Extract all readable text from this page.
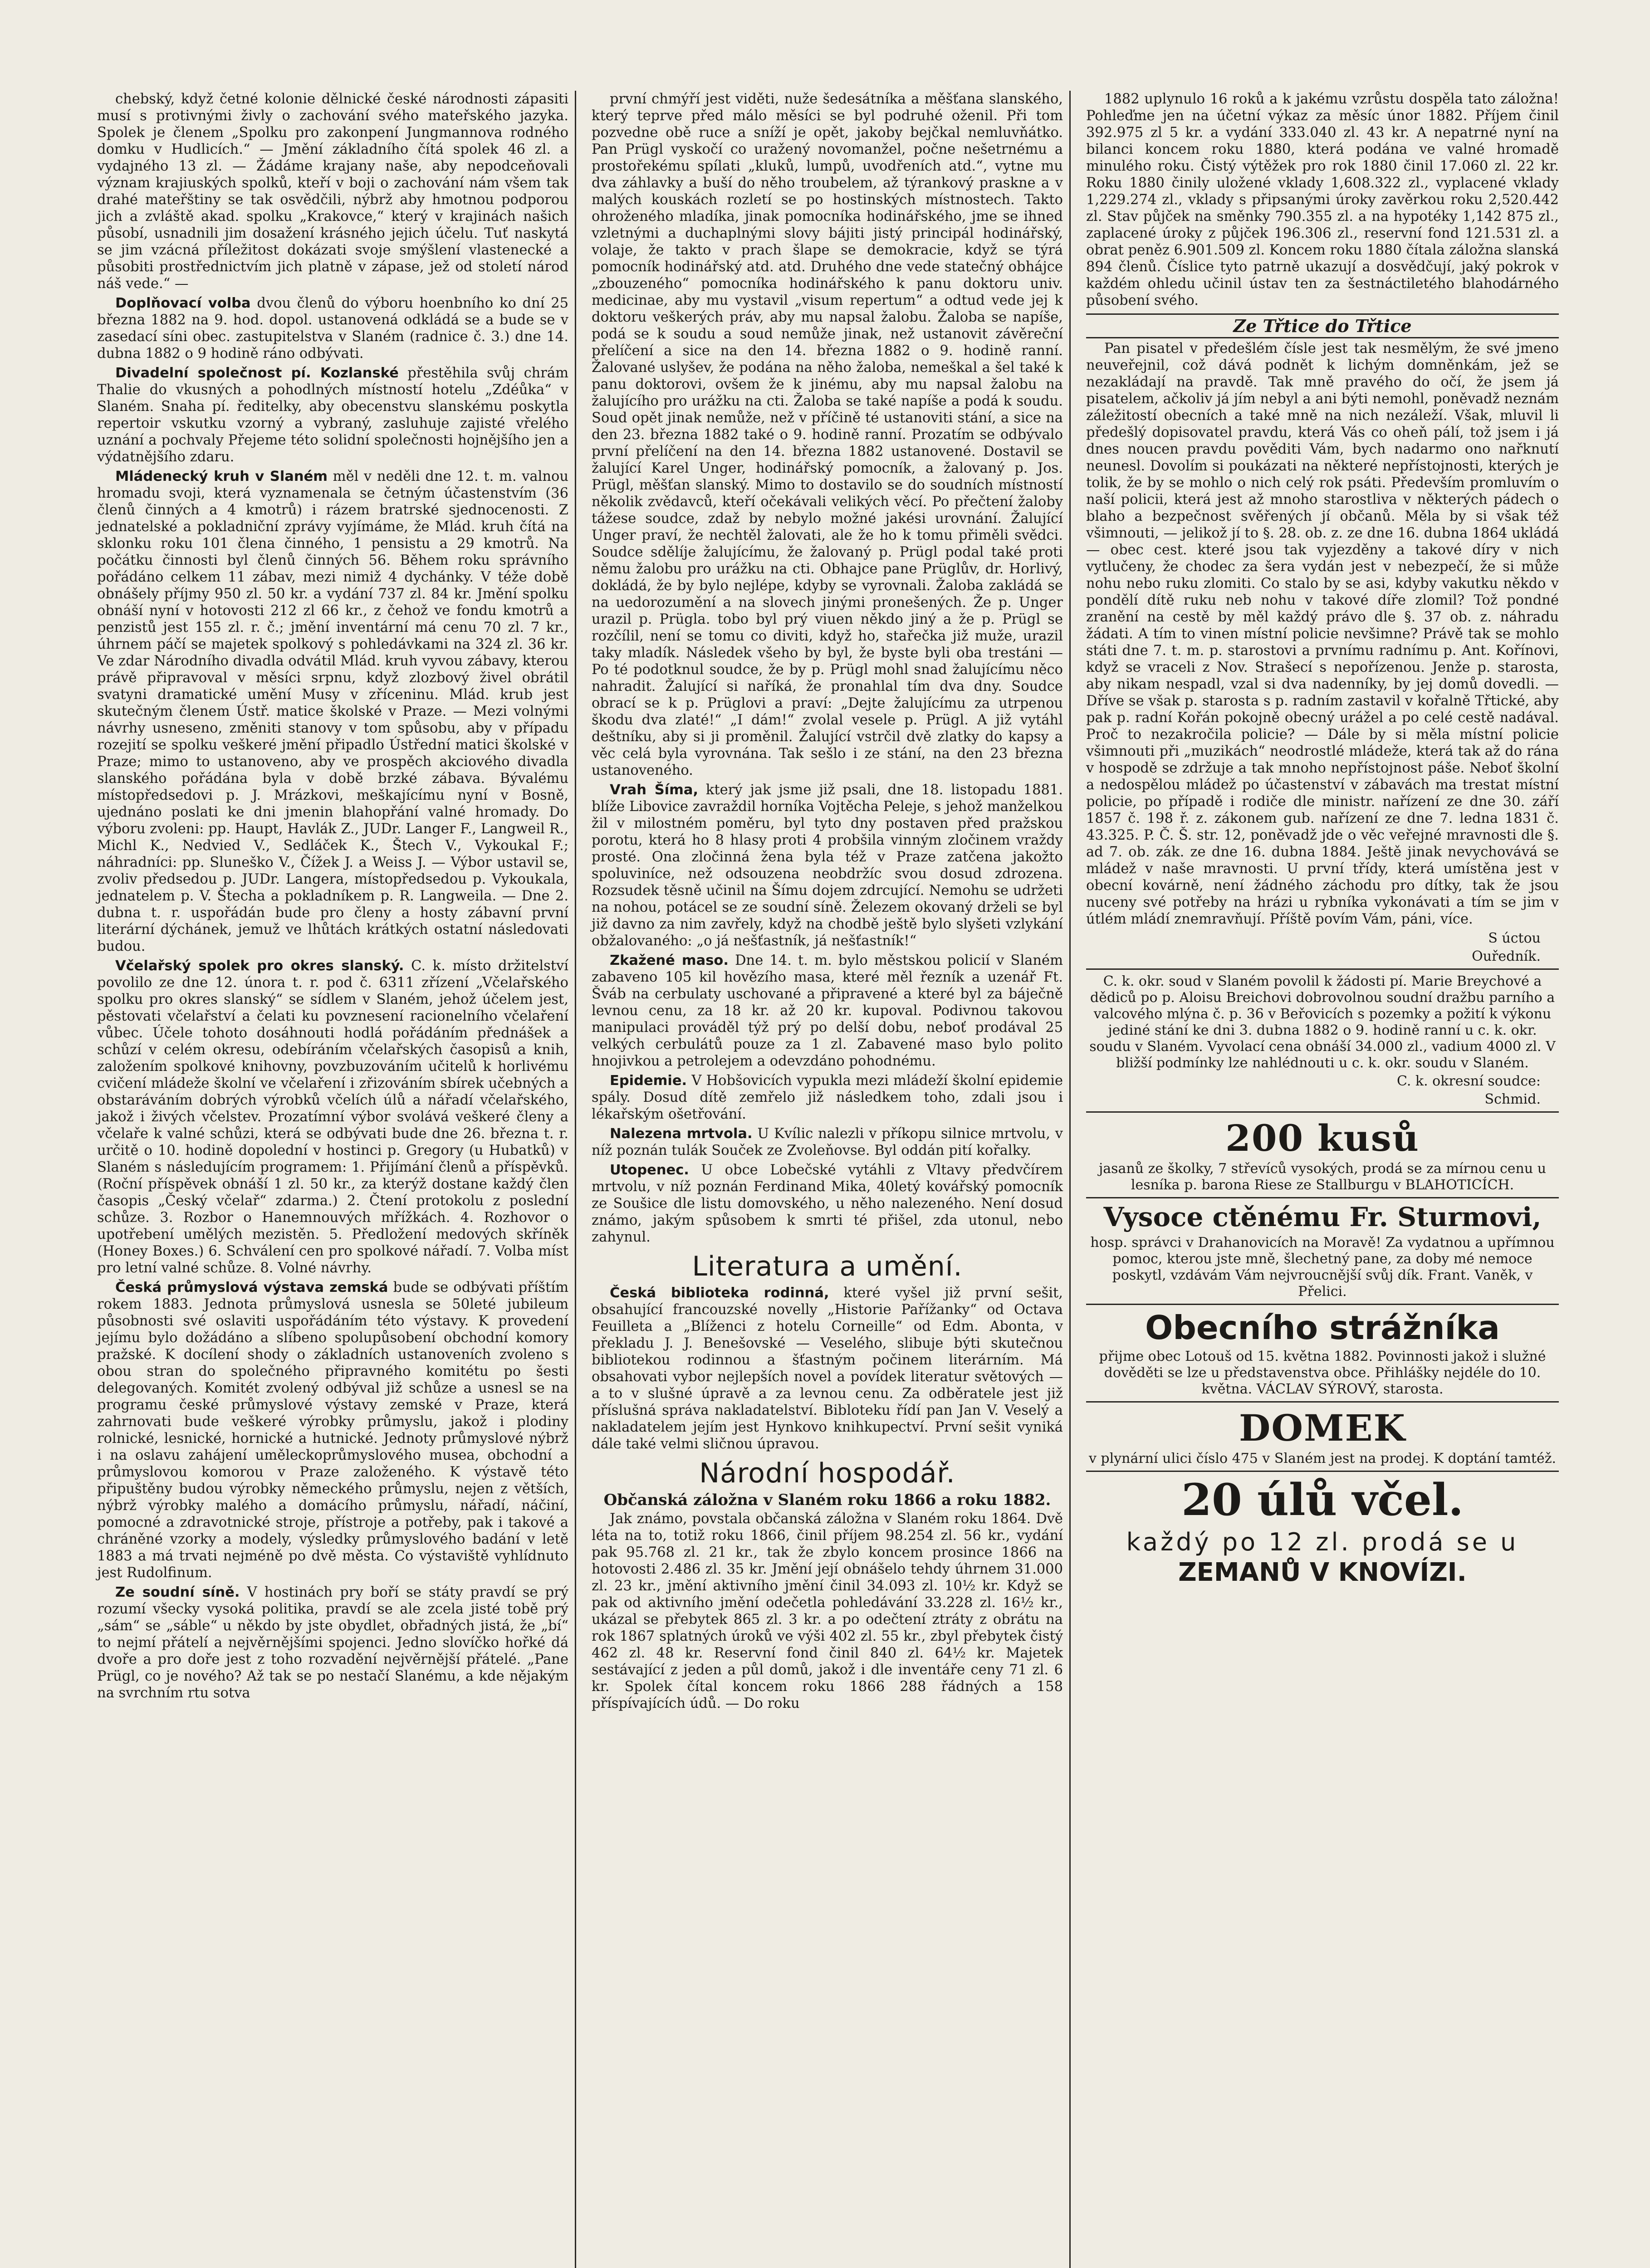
chebský, když četné kolonie dělnické české národnosti zápasiti musí s protivnými živly o zachování svého mateřského jazyka. Spolek je členem „Spolku pro zakonpení Jungmannova rodného domku v Hudlicích.“ — Jmění základního čítá spolek 46 zl. a vydajného 13 zl. — Žádáme krajany naše, aby nepodceňovali význam krajiuských spolků, kteří v boji o zachování nám všem tak drahé mateřštiny se tak osvědčili, nýbrž aby hmotnou podporou jich a zvláště akad. spolku „Krakovce,“ který v krajinách našich působí, usnadnili jim dosažení krásného jejich účelu. Tuť naskytá se jim vzácná příležitost dokázati svoje smýšlení vlastenecké a působiti prostřednictvím jich platně v zápase, jež od století národ náš vede.“ —

Doplňovací volba dvou členů do výboru hoenbního ko dní 25 března 1882 na 9. hod. dopol. ustanovená odkládá se a bude se v zasedací síni obec. zastupitelstva v Slaném (radnice č. 3.) dne 14. dubna 1882 o 9 hodině ráno odbývati.

Divadelní společnost pí. Kozlanské přestěhila svůj chrám Thalie do vkusných a pohodlných místností hotelu „Zdéůka“ v Slaném. Snaha pí. ředitelky, aby obecenstvu slanskému poskytla repertoir vskutku vzorný a vybraný, zasluhuje zajisté vřelého uznání a pochvaly Přejeme této solidní společnosti hojnějšího jen a výdatnějšího zdaru.

Mládenecký kruh v Slaném měl v neděli dne 12. t. m. valnou hromadu svoji, která vyznamenala se četným účastenstvím (36 členů činných a 4 kmotrů) i rázem bratrské sjednocenosti. Z jednatelské a pokladniční zprávy vyjímáme, že Mlád. kruh čítá na sklonku roku 101 člena činného, 1 pensistu a 29 kmotrů. Na počátku činnosti byl členů činných 56. Během roku správního pořádáno celkem 11 zábav, mezi nimiž 4 dychánky. V téže době obnášely příjmy 950 zl. 50 kr. a vydání 737 zl. 84 kr. Jmění spolku obnáší nyní v hotovosti 212 zl 66 kr., z čehož ve fondu kmotrů a penzistů jest 155 zl. r. č.; jmění inventární má cenu 70 zl. 7 kr., úhrnem páčí se majetek spolkový s pohledávkami na 324 zl. 36 kr. Ve zdar Národního divadla odvátil Mlád. kruh vyvou zábavy, kterou právě připravoval v měsíci srpnu, když zlozbový živel obrátil svatyni dramatické umění Musy v zříceninu. Mlád. krub jest skutečným členem Ústř. matice školské v Praze. — Mezi volnými návrhy usneseno, změniti stanovy v tom spůsobu, aby v případu rozejití se spolku veškeré jmění připadlo Ústřední matici školské v Praze; mimo to ustanoveno, aby ve prospěch akciového divadla slanského pořádána byla v době brzké zábava. Bývalému místopředsedovi p. J. Mrázkovi, meškajícímu nyní v Bosně, ujednáno poslati ke dni jmenin blahopřání valné hromady. Do výboru zvoleni: pp. Haupt, Havlák Z., JUDr. Langer F., Langweil R., Michl K., Nedvied V., Sedláček K., Štech V., Vykoukal F.; náhradníci: pp. Sluneško V., Čížek J. a Weiss J. — Výbor ustavil se, zvoliv předsedou p. JUDr. Langera, místopředsedou p. Vykoukala, jednatelem p. V. Štecha a pokladníkem p. R. Langweila. — Dne 2. dubna t. r. uspořádán bude pro členy a hosty zábavní první literární dýchánek, jemuž ve lhůtách krátkých ostatní následovati budou.

Včelařský spolek pro okres slanský. C. k. místo držitelství povolilo ze dne 12. února t. r. pod č. 6311 zřízení „Včelařského spolku pro okres slanský“ se sídlem v Slaném, jehož účelem jest, pěstovati včelařství a čelati ku povznesení racionelního včelaření vůbec. Účele tohoto dosáhnouti hodlá pořádáním přednášek a schůzí v celém okresu, odebíráním včelařských časopisů a knih, založením spolkové knihovny, povzbuzováním učitelů k horlivému cvičení mládeže školní ve včelaření i zřizováním sbírek učebných a obstaráváním dobrých výrobků včelích úlů a nářadí včelařského, jakož i živých včelstev. Prozatímní výbor svolává veškeré členy a včelaře k valné schůzi, která se odbývati bude dne 26. března t. r. určitě o 10. hodině dopolední v hostinci p. Gregory (u Hubatků) v Slaném s následujícím programem: 1. Přijímání členů a příspěvků. (Roční příspěvek obnáší 1 zl. 50 kr., za kterýž dostane každý člen časopis „Český včelař“ zdarma.) 2. Čtení protokolu z poslední schůze. 3. Rozbor o Hanemnouvých mřížkách. 4. Rozhovor o upotřebení umělých mezistěn. 5. Předložení medových skříněk (Honey Boxes.) 6. Schválení cen pro spolkové nářadí. 7. Volba míst pro letní valné schůze. 8. Volné návrhy.

Česká průmyslová výstava zemská bude se odbývati příštím rokem 1883. Jednota průmyslová usnesla se 50leté jubileum působnosti své oslaviti uspořádáním této výstavy. K provedení jejímu bylo dožádáno a slíbeno spolupůsobení obchodní komory pražské. K docílení shody o základních ustanoveních zvoleno s obou stran do společného připravného komitétu po šesti delegovaných. Komitét zvolený odbýval již schůze a usnesl se na programu české průmyslové výstavy zemské v Praze, která zahrnovati bude veškeré výrobky průmyslu, jakož i plodiny rolnické, lesnické, hornické a hutnické. Jednoty průmyslové nýbrž i na oslavu zahájení uměleckoprůmyslového musea, obchodní a průmyslovou komorou v Praze založeného. K výstavě této připuštěny budou výrobky německého průmyslu, nejen z větších, nýbrž výrobky malého a domácího průmyslu, nářadí, náčiní, pomocné a zdravotnické stroje, přístroje a potřeby, pak i takové a chráněné vzorky a modely, výsledky průmyslového badání v letě 1883 a má trvati nejméně po dvě města. Co výstaviště vyhlídnuto jest Rudolfinum.

Ze soudní síně. V hostinách pry boří se státy pravdí se prý rozumí všecky vysoká politika, pravdí se ale zcela jisté tobě prý „sám“ se „sáble“ u někdo by jste obydlet, obřadných jistá, že „bí“ to nejmí přátelí a nejvěrnějšími spojenci. Jedno slovíčko hořké dá dvoře a pro doře jest z toho rozvadění nejvěrnější přátelé. „Pane Prügl, co je nového? Až tak se po nestačí Slanému, a kde nějakým na svrchním rtu sotva

první chmýří jest viděti, nuže šedesátníka a měšťana slanského, který teprve před málo měsíci se byl podruhé oženil. Při tom pozvedne obě ruce a sníží je opět, jakoby bejčkal nemluvňátko. Pan Prügl vyskočí co uražený novomanžel, počne nešetrnému a prostořekému spílati „kluků, lumpů, uvodřeních atd.“, vytne mu dva záhlavky a buší do něho troubelem, až týrankový praskne a v malých kouskách rozletí se po hostinských místnostech. Takto ohroženého mladíka, jinak pomocníka hodinářského, jme se ihned vzletnými a duchaplnými slovy bájiti jistý principál hodinářský, volaje, že takto v prach šlape se demokracie, když se týrá pomocník hodinářský atd. atd. Druhého dne vede statečný obhájce „zbouzeného“ pomocníka hodinářského k panu doktoru univ. medicinae, aby mu vystavil „visum repertum“ a odtud vede jej k doktoru veškerých práv, aby mu napsal žalobu. Žaloba se napíše, podá se k soudu a soud nemůže jinak, než ustanovit závěreční přelíčení a sice na den 14. března 1882 o 9. hodině ranní. Žalované uslyšev, že podána na něho žaloba, nemeškal a šel také k panu doktorovi, ovšem že k jinému, aby mu napsal žalobu na žalujícího pro urážku na cti. Žaloba se také napíše a podá k soudu. Soud opět jinak nemůže, než v příčině té ustanoviti stání, a sice na den 23. března 1882 také o 9. hodině ranní. Prozatím se odbývalo první přelíčení na den 14. března 1882 ustanovené. Dostavil se žalující Karel Unger, hodinářský pomocník, a žalovaný p. Jos. Prügl, měšťan slanský. Mimo to dostavilo se do soudních místností několik zvědavců, kteří očekávali velikých věcí. Po přečtení žaloby tážese soudce, zdaž by nebylo možné jakési urovnání. Žalující Unger praví, že nechtěl žalovati, ale že ho k tomu přiměli svědci. Soudce sdělíje žalujícímu, že žalovaný p. Prügl podal také proti němu žalobu pro urážku na cti. Obhajce pane Prüglův, dr. Horlivý, dokládá, že by bylo nejlépe, kdyby se vyrovnali. Žaloba zakládá se na uedorozumění a na slovech jinými pronešených. Že p. Unger urazil p. Prügla. tobo byl prý viuen někdo jiný a že p. Prügl se rozčílil, není se tomu co diviti, když ho, stařečka již muže, urazil taky mladík. Následek všeho by byl, že byste byli oba trestáni — Po té podotknul soudce, že by p. Prügl mohl snad žalujícímu něco nahradit. Žalující si naříká, že pronahlal tím dva dny. Soudce obrací se k p. Prüglovi a praví: „Dejte žalujícímu za utrpenou škodu dva zlaté!“ „I dám!“ zvolal vesele p. Prügl. A již vytáhl deštníku, aby si ji proměnil. Žalující vstrčil dvě zlatky do kapsy a věc celá byla vyrovnána. Tak sešlo i ze stání, na den 23 března ustanoveného.

Vrah Šíma, který jak jsme již psali, dne 18. listopadu 1881. blíže Libovice zavraždil horníka Vojtěcha Peleje, s jehož manželkou žil v milostném poměru, byl tyto dny postaven před pražskou porotu, která ho 8 hlasy proti 4 probšila vinným zločinem vraždy prosté. Ona zločinná žena byla též v Praze zatčena jakožto spoluviníce, než odsouzena neobdržíc svou dosud zdrozena. Rozsudek těsně učinil na Šímu dojem zdrcující. Nemohu se udržeti na nohou, potácel se ze soudní síně. Železem okovaný drželi se byl již davno za nim zavřely, když na chodbě ještě bylo slyšeti vzlykání obžalovaného: „o já nešťastník, já nešťastník!“

Zkažené maso. Dne 14. t. m. bylo městskou policií v Slaném zabaveno 105 kil hovězího masa, které měl řezník a uzenář Ft. Šváb na cerbulaty uschované a připravené a které byl za báječně levnou cenu, za 18 kr. až 20 kr. kupoval. Podivnou takovou manipulaci prováděl týž prý po delší dobu, neboť prodával 25 velkých cerbulátů pouze za 1 zl. Zabavené maso bylo polito hnojivkou a petrolejem a odevzdáno pohodnému.

Epidemie. V Hobšovicích vypukla mezi mládeží školní epidemie spály. Dosud dítě zemřelo již následkem toho, zdali jsou i lékařským ošetřování.

Nalezena mrtvola. U Kvílic nalezli v příkopu silnice mrtvolu, v níž poznán tulák Souček ze Zvoleňovse. Byl oddán pití kořalky.

Utopenec. U obce Lobečské vytáhli z Vltavy předvčírem mrtvolu, v níž poznán Ferdinand Mika, 40letý kovářský pomocník ze Soušice dle listu domovského, u něho nalezeného. Není dosud známo, jakým spůsobem k smrti té přišel, zda utonul, nebo zahynul.

Literatura a umění.

Česká biblioteka rodinná, které vyšel již první sešit, obsahující francouzské novelly „Historie Pařížanky“ od Octava Feuilleta a „Blíženci z hotelu Corneille“ od Edm. Abonta, v překladu J. J. Benešovské — Veselého, slibuje býti skutečnou bibliotekou rodinnou a šťastným počinem literárním. Má obsahovati vybor nejlepších novel a povídek literatur světových — a to v slušné úpravě a za levnou cenu. Za odběratele jest již příslušná správa nakladatelství. Bibloteku řídí pan Jan V. Veselý a nakladatelem jejím jest Hynkovo knihkupectví. První sešit vyniká dále také velmi sličnou úpravou.

Národní hospodář.
Občanská záložna v Slaném roku 1866 a roku 1882.

Jak známo, povstala občanská záložna v Slaném roku 1864. Dvě léta na to, totiž roku 1866, činil příjem 98.254 zl. 56 kr., vydání pak 95.768 zl. 21 kr., tak že zbylo koncem prosince 1866 na hotovosti 2.486 zl. 35 kr. Jmění její obnášelo tehdy úhrnem 31.000 zl. 23 kr., jmění aktivního jmění činil 34.093 zl. 10½ kr. Když se pak od aktivního jmění odečetla pohledávání 33.228 zl. 16½ kr., ukázal se přebytek 865 zl. 3 kr. a po odečtení ztráty z obrátu na rok 1867 splatných úroků ve výši 402 zl. 55 kr., zbyl přebytek čistý 462 zl. 48 kr. Reservní fond činil 840 zl. 64½ kr. Majetek sestávající z jeden a půl domů, jakož i dle inventáře ceny 71 zl. 6 kr. Spolek čítal koncem roku 1866 288 řádných a 158 příspívajících údů. — Do roku

1882 uplynulo 16 roků a k jakému vzrůstu dospěla tato záložna! Pohleďme jen na účetní výkaz za měsíc únor 1882. Příjem činil 392.975 zl 5 kr. a vydání 333.040 zl. 43 kr. A nepatrné nyní na bilanci koncem roku 1880, která podána ve valné hromadě minulého roku. Čistý výtěžek pro rok 1880 činil 17.060 zl. 22 kr. Roku 1880 činily uložené vklady 1,608.322 zl., vyplacené vklady 1,229.274 zl., vklady s připsanými úroky zavěrkou roku 2,520.442 zl. Stav půjček na směnky 790.355 zl. a na hypotéky 1,142 875 zl., zaplacené úroky z půjček 196.306 zl., reservní fond 121.531 zl. a obrat peněz 6.901.509 zl. Koncem roku 1880 čítala záložna slanská 894 členů. Číslice tyto patrně ukazují a dosvědčují, jaký pokrok v každém ohledu učinil ústav ten za šestnáctiletého blahodárného působení svého.

Ze Třtice do Třtice

Pan pisatel v předešlém čísle jest tak nesmělým, že své jmeno neuveřejnil, což dává podnět k lichým domněnkám, jež se nezakládají na pravdě. Tak mně pravého do očí, že jsem já pisatelem, ačkoliv já jím nebyl a ani býti nemohl, poněvadž neznám záležitostí obecních a také mně na nich nezáleží. Však, mluvil li předešlý dopisovatel pravdu, která Vás co oheň pálí, tož jsem i já dnes noucen pravdu pověditi Vám, bych nadarmo ono nařknutí neunesl. Dovolím si poukázati na některé nepřístojnosti, kterých je tolik, že by se mohlo o nich celý rok psáti. Především promluvím o naší policii, která jest až mnoho starostliva v některých pádech o blaho a bezpečnost svěřených jí občanů. Měla by si však též všimnouti, — jelikož jí to §. 28. ob. z. ze dne 16. dubna 1864 ukládá — obec cest. které jsou tak vyjezděny a takové díry v nich vytlučeny, že chodec za šera vydán jest v nebezpečí, že si může nohu nebo ruku zlomiti. Co stalo by se asi, kdyby vakutku někdo v pondělí dítě ruku neb nohu v takové díře zlomil? Tož pondné zranění na cestě by měl každý právo dle §. 37 ob. z. náhradu žádati. A tím to vinen místní policie nevšimne? Právě tak se mohlo státi dne 7. t. m. p. starostovi a prvnímu radnímu p. Ant. Kořínovi, když se vraceli z Nov. Strašecí s nepořízenou. Jenže p. starosta, aby nikam nespadl, vzal si dva nadenníky, by jej domů dovedli. — Dříve se však p. starosta s p. radním zastavil v kořalně Třtické, aby pak p. radní Kořán pokojně obecný urážel a po celé cestě nadával. Proč to nezakročila policie? — Dále by si měla místní policie všimnouti při „muzikách“ neodrostlé mládeže, která tak až do rána v hospodě se zdržuje a tak mnoho nepřístojnost páše. Neboť školní a nedospělou mládež po účastenství v zábavách ma trestat místní policie, po případě i rodiče dle ministr. nařízení ze dne 30. září 1857 č. 198 ř. z. zákonem gub. nařízení ze dne 7. ledna 1831 č. 43.325. P. Č. Š. str. 12, poněvadž jde o věc veřejné mravnosti dle §. ad 7. ob. zák. ze dne 16. dubna 1884. Ještě jinak nevychovává se mládež v naše mravnosti. U první třídy, která umístěna jest v obecní kovárně, není žádného záchodu pro dítky, tak že jsou nuceny své potřeby na hrázi u rybníka vykonávati a tím se jim v útlém mládí znemravňují. Příště povím Vám, páni, více.

S úctou
Ouředník.
C. k. okr. soud v Slaném povolil k žádosti pí. Marie Breychové a dědiců po p. Aloisu Breichovi dobrovolnou soudní dražbu parního a valcového mlýna č. p. 36 v Beřovicích s pozemky a požití k výkonu jediné stání ke dni 3. dubna 1882 o 9. hodině ranní u c. k. okr. soudu v Slaném. Vyvolací cena obnáší 34.000 zl., vadium 4000 zl. V bližší podmínky lze nahlédnouti u c. k. okr. soudu v Slaném.
C. k. okresní soudce:
Schmid.
200 kusů
jasanů ze školky, 7 střevíců vysokých, prodá se za mírnou cenu u lesníka p. barona Riese ze Stallburgu v BLAHOTICÍCH.
Vysoce ctěnému Fr. Sturmovi,
hosp. správci v Drahanovicích na Moravě! Za vydatnou a upřímnou pomoc, kterou jste mně, šlechetný pane, za doby mé nemoce poskytl, vzdávám Vám nejvroucnější svůj dík. Frant. Vaněk, v Přelici.
Obecního strážníka
přijme obec Lotouš od 15. května 1882. Povinnosti jakož i služné dověděti se lze u představenstva obce. Přihlášky nejdéle do 10. května. VÁCLAV SÝROVÝ, starosta.
DOMEK
v plynární ulici číslo 475 v Slaném jest na prodej. K doptání tamtéž.
20 úlů včel.
každý po 12 zl. prodá se u
ZEMANŮ V KNOVÍZI.
